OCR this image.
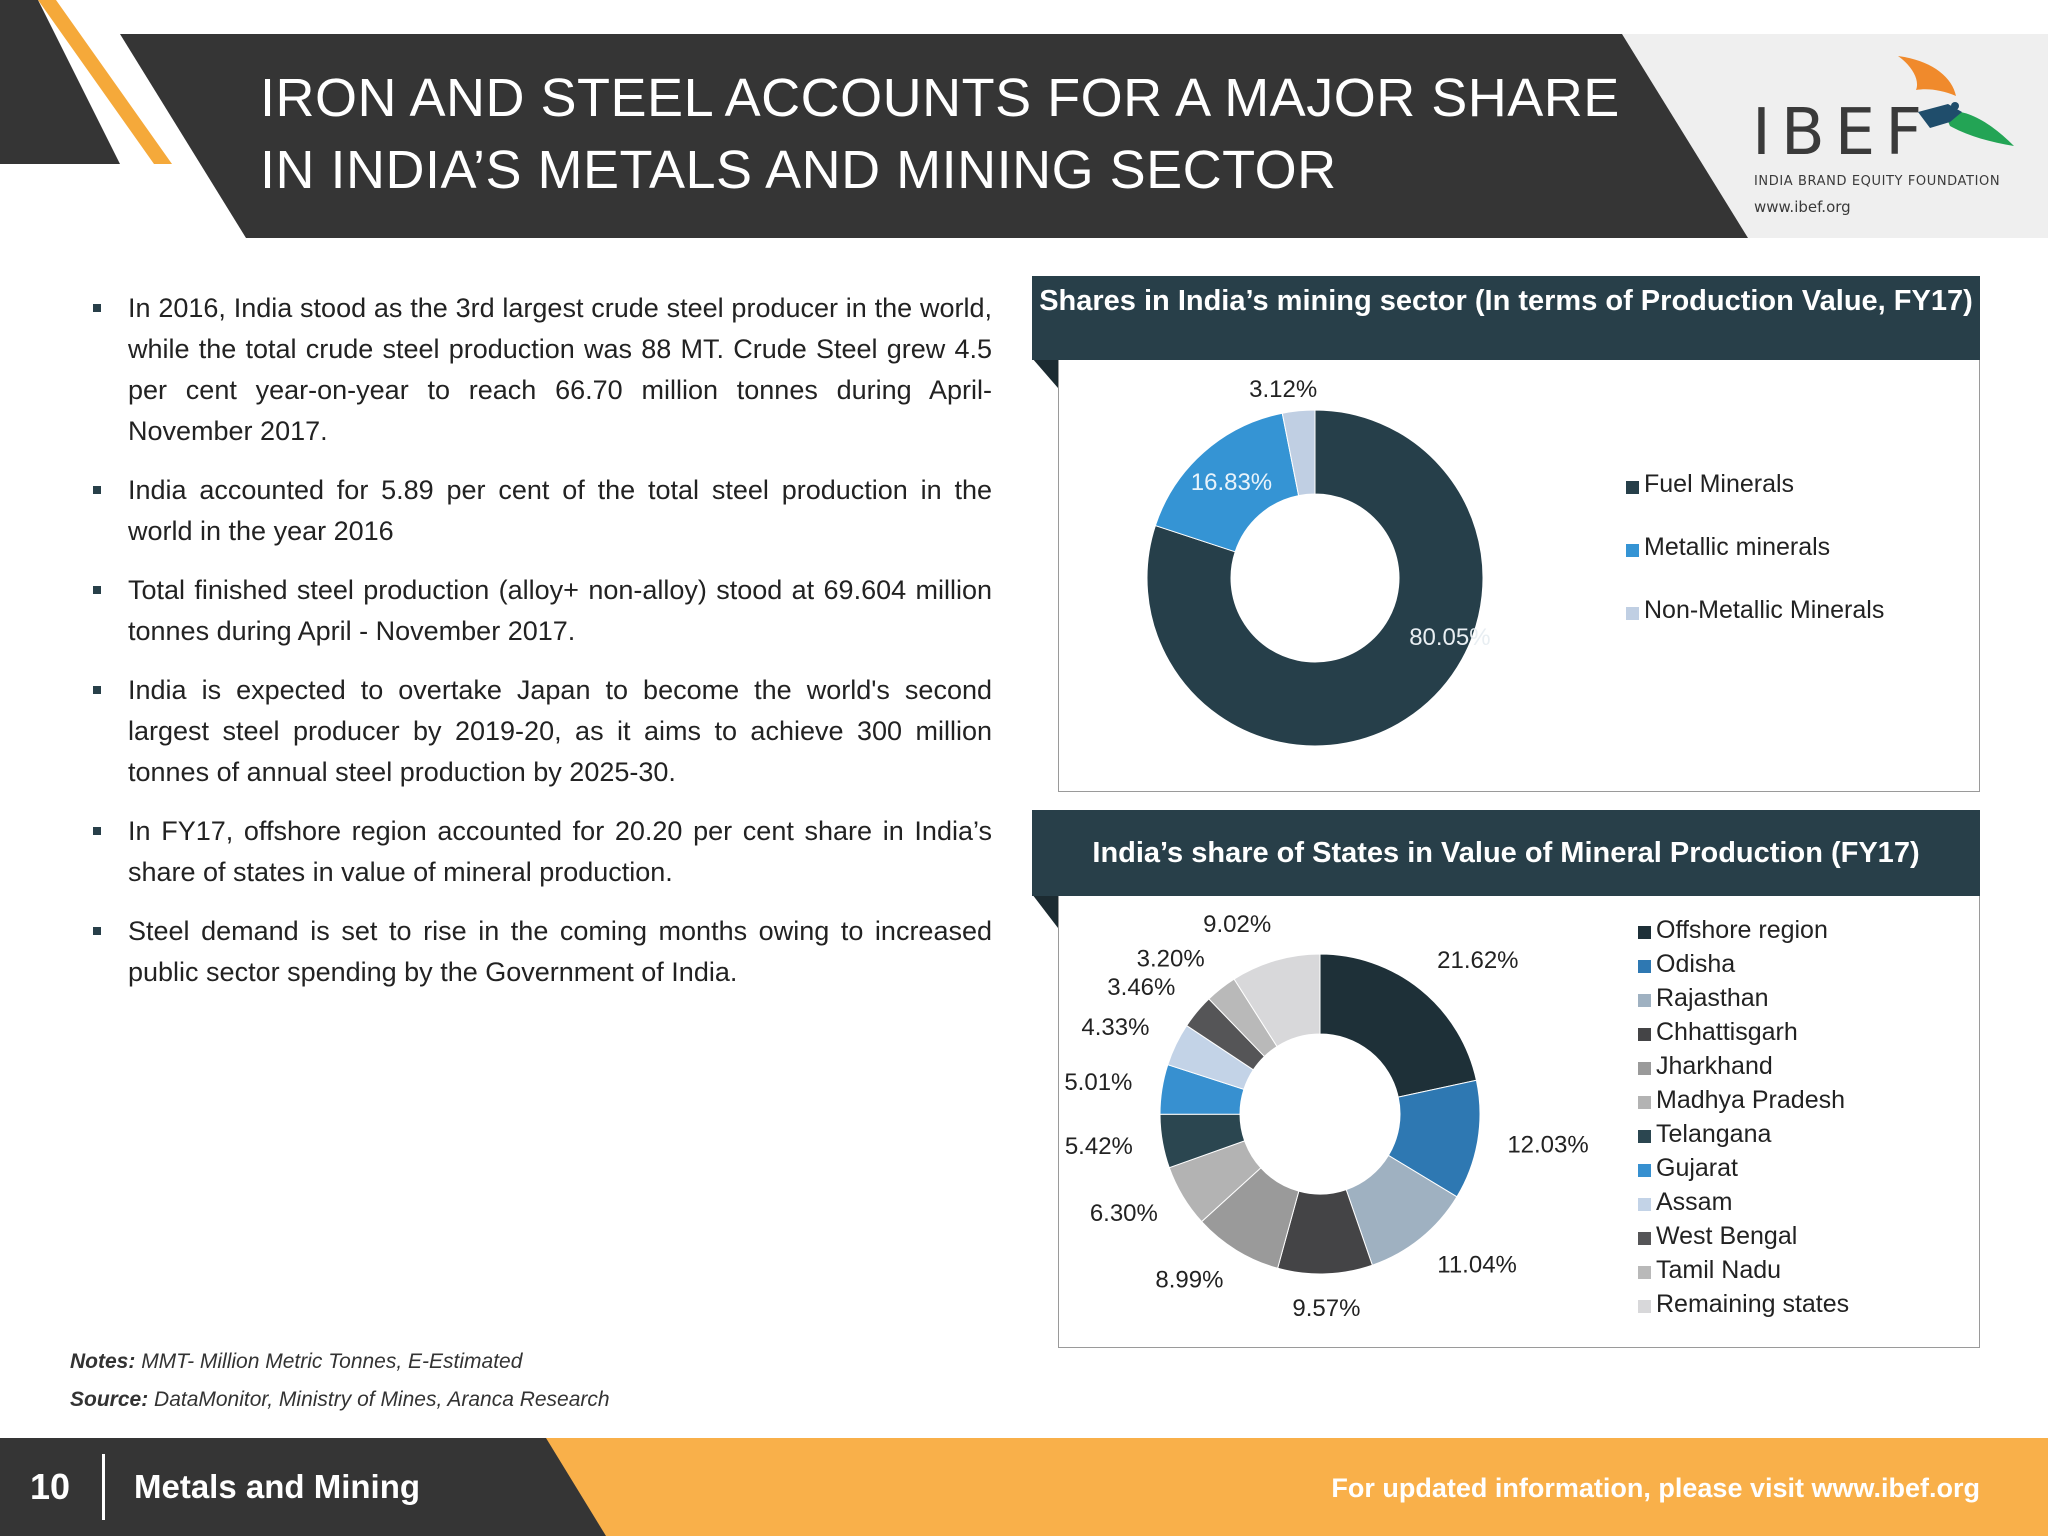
IRON AND STEEL ACCOUNTS FOR A MAJOR SHARE
IN INDIA’S METALS AND MINING SECTOR	IBEF
INDIA BRAND EQUITY FOUNDATION
www.ibef.org
In 2016, India stood as the 3rd largest crude steel producer in the world, while the total crude steel production was 88 MT. Crude Steel grew 4.5 per cent year-on-year to reach 66.70 million tonnes during April-November 2017.
India accounted for 5.89 per cent of the total steel production in the world in the year 2016
Total finished steel production (alloy+ non-alloy) stood at 69.604 million tonnes during April - November 2017.
India is expected to overtake Japan to become the world's second largest steel producer by 2019-20, as it aims to achieve 300 million tonnes of annual steel production by 2025-30.
In FY17, offshore region accounted for 20.20 per cent share in India’s share of states in value of mineral production.
Steel demand is set to rise in the coming months owing to increased public sector spending by the Government of India.
Notes: MMT- Million Metric Tonnes, E-Estimated
Source: DataMonitor, Ministry of Mines, Aranca Research
Shares in India’s mining sector (In terms of Production Value, FY17)
80.05%
16.83%
3.12%
Fuel Minerals
Metallic minerals
Non-Metallic Minerals
India’s share of States in Value of Mineral Production (FY17)
21.62%
12.03%
11.04%
9.57%
8.99%
6.30%
5.42%
5.01%
4.33%
3.46%
3.20%
9.02%	Offshore region
Odisha
Rajasthan
Chhattisgarh
Jharkhand
Madhya Pradesh
Telangana
Gujarat
Assam
West Bengal
Tamil Nadu
Remaining states
10 Metals and Mining	For updated information, please visit www.ibef.org
